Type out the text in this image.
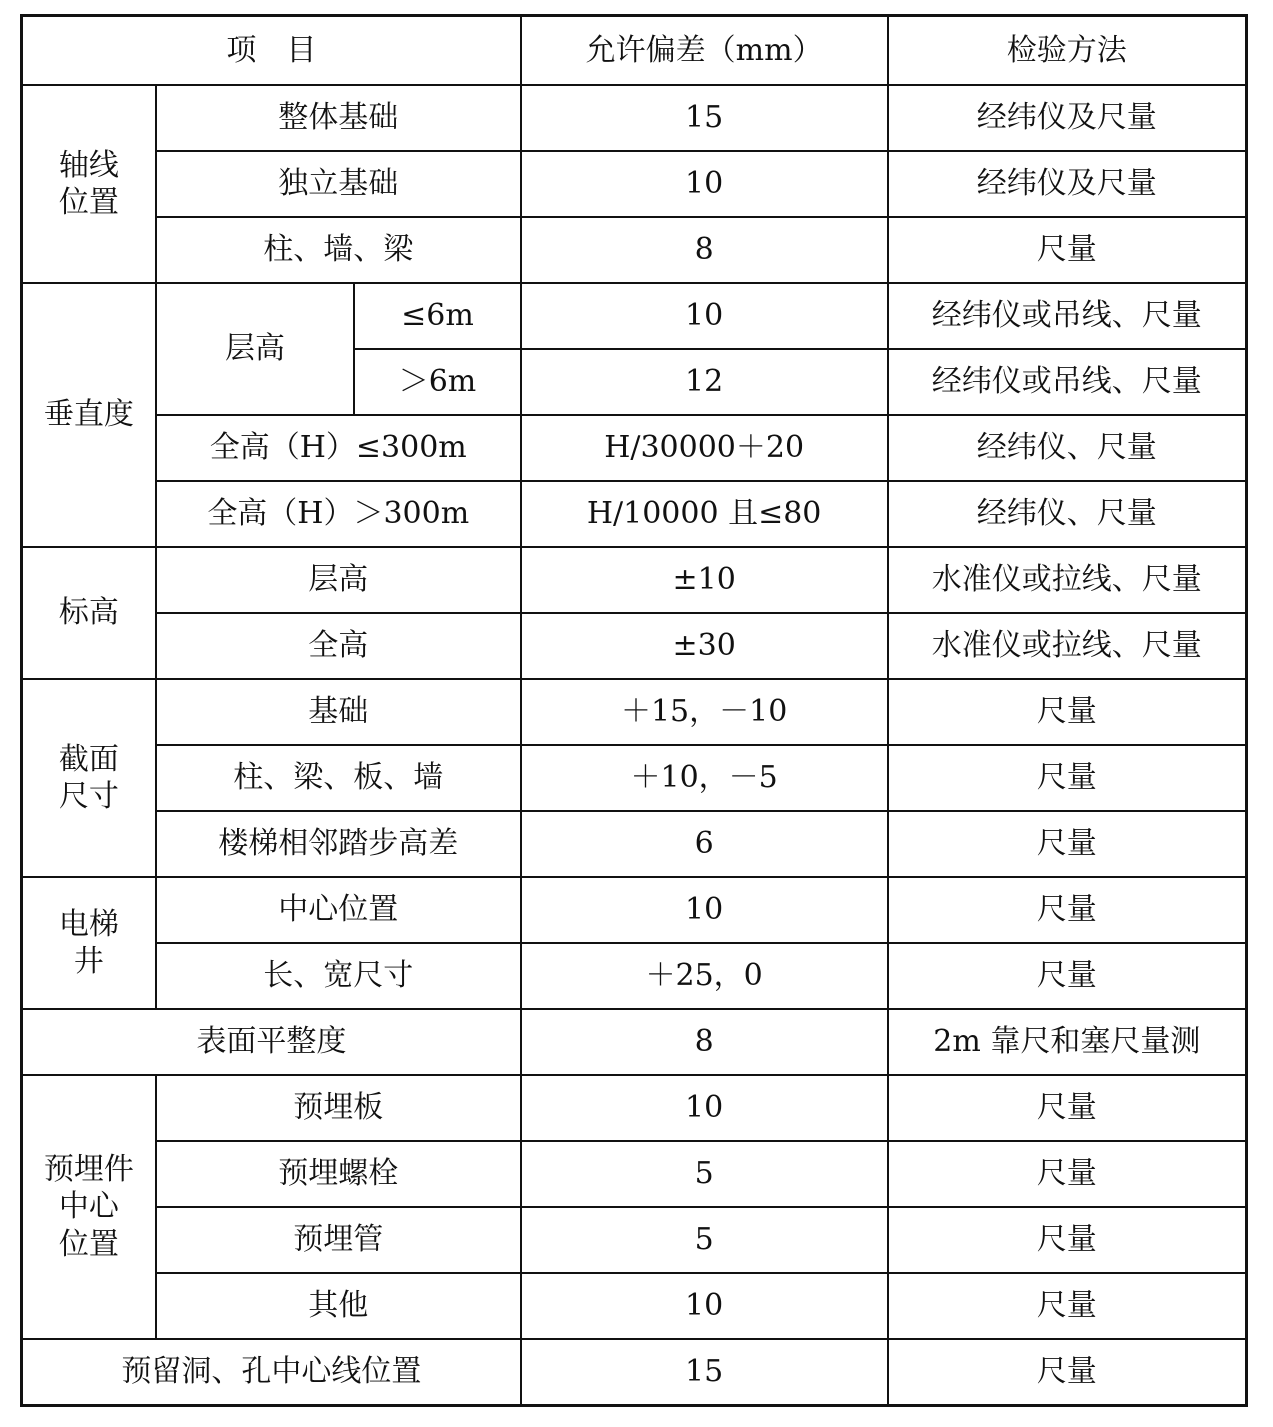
项　目			允许偏差（mm）	检验方法

轴线
位置	整体基础		15	经纬仪及尺量
	独立基础		10	经纬仪及尺量
	柱、墙、梁		8	尺量
垂直度	层高	≤6m	10	经纬仪或吊线、尺量
		＞6m	12	经纬仪或吊线、尺量
	全高（H）≤300m		H/30000＋20	经纬仪、尺量
	全高（H）＞300m		H/10000 且≤80	经纬仪、尺量
标高	层高		±10	水准仪或拉线、尺量
	全高		±30	水准仪或拉线、尺量

截面
尺寸	基础		＋15，－10	尺量
	柱、梁、板、墙		＋10，－5	尺量
	楼梯相邻踏步高差		6	尺量

电梯
井	中心位置		10	尺量
	长、宽尺寸		＋25，0	尺量
表面平整度			8	2m 靠尺和塞尺量测

预埋件
中心
位置	预埋板		10	尺量
	预埋螺栓		5	尺量
	预埋管		5	尺量
	其他		10	尺量
预留洞、孔中心线位置			15	尺量
